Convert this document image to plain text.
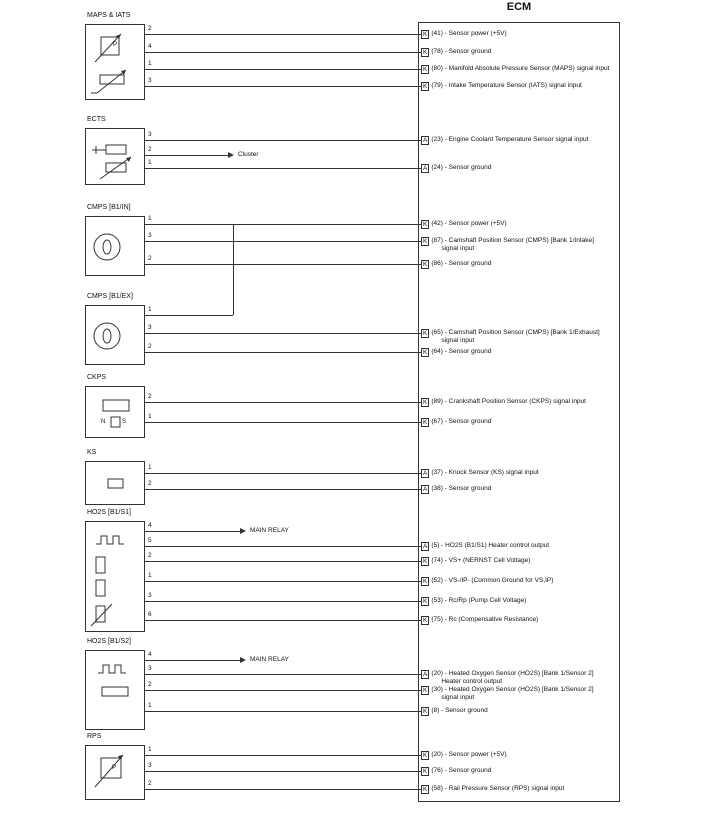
ECM
K (41) - Sensor power (+5V)
K (78) - Sensor ground
K (80) - Manifold Absolute Pressure Sensor (MAPS) signal input
K (79) - Intake Temperature Sensor (IATS) signal input
A (23) - Engine Coolant Temperature Sensor signal input
A (24) - Sensor ground
K (42) - Sensor power (+5V)
K (87) - Camshaft Position Sensor (CMPS) [Bank 1/Intake]
signal input
K (86) - Sensor ground
K (65) - Camshaft Position Sensor (CMPS) [Bank 1/Exhaust]
signal input
K (64) - Sensor ground
K (89) - Crankshaft Position Sensor (CKPS) signal input
K (67) - Sensor ground
A (37) - Knock Sensor (KS) signal input
A (38) - Sensor ground
A (5) - HO2S (B1/S1) Heater control output
K (74) - VS+ (NERNST Cell Voltage)
K (52) - VS-/IP- (Common Ground for VS,IP)
K (53) - Rc/Rp (Pump Cell Voltage)
K (75) - Rc (Compensative Resistance)
A (20) - Heated Oxygen Sensor (HO2S) [Bank 1/Sensor 2]
Heater control output
K (30) - Heated Oxygen Sensor (HO2S) [Bank 1/Sensor 2]
signal input
K (8) - Sensor ground
K (20) - Sensor power (+5V)
K (76) - Sensor ground
K (58) - Rail Pressure Sensor (RPS) signal input
MAPS & IATS
P
2
4
1
3
ECTS
3
2
Cluster
1
CMPS [B1/IN]
1
3
2
CMPS [B1/EX]
1
3
2
CKPS
N	S
2
1
KS
1
2
HO2S [B1/S1]
4
MAIN RELAY
5
2
1
3
6
HO2S [B1/S2]
4
MAIN RELAY
3
2
1
RPS
P
1
3
2
